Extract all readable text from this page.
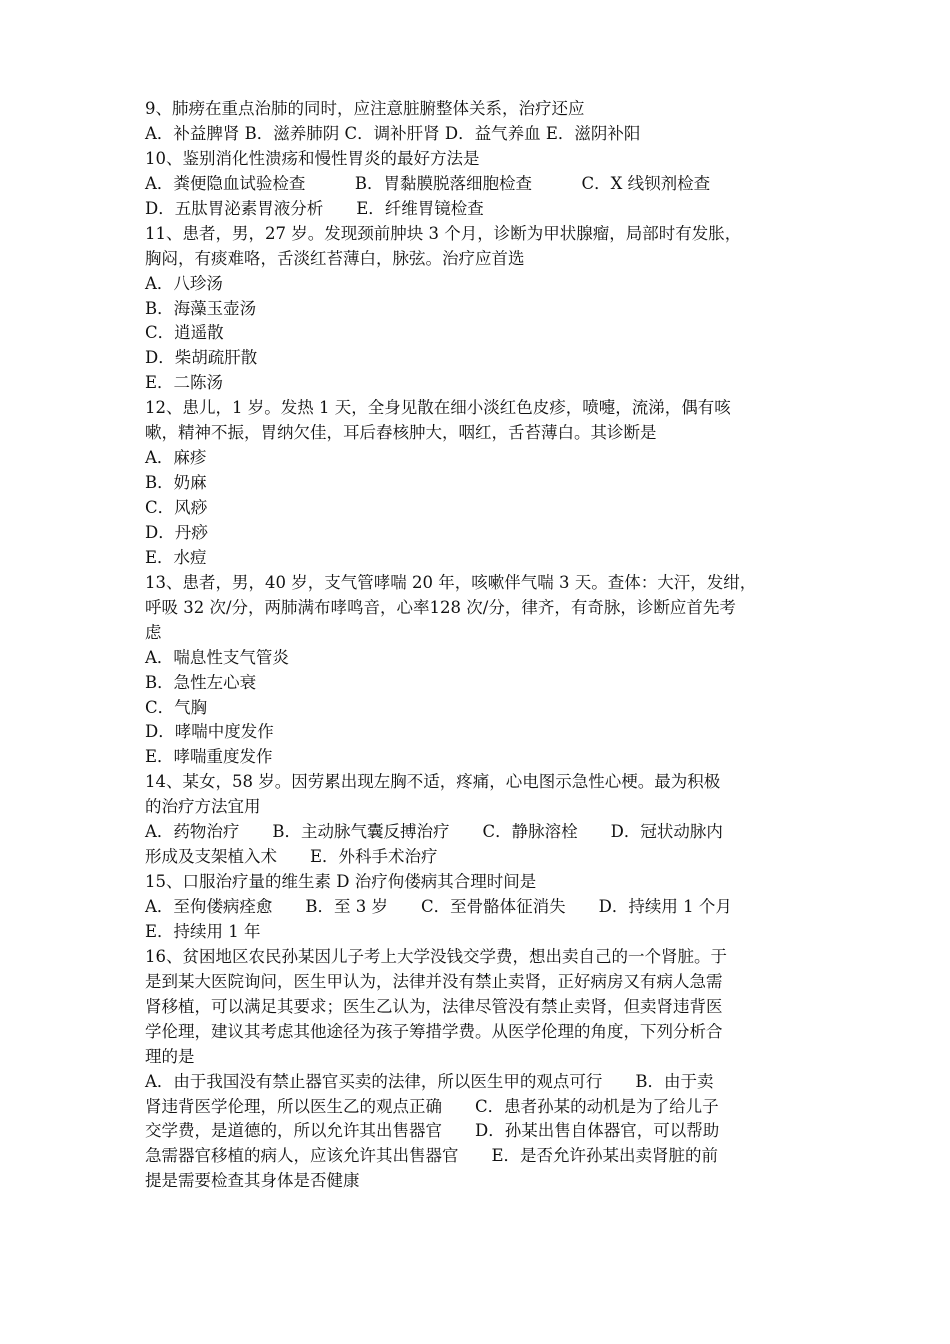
9、肺痨在重点治肺的同时，应注意脏腑整体关系，治疗还应
A．补益脾肾 B．滋养肺阴 C．调补肝肾 D．益气养血 E．滋阴补阳
10、鉴别消化性溃疡和慢性胃炎的最好方法是
A．粪便隐血试验检查　　　B．胃黏膜脱落细胞检查　　　C．X 线钡剂检查
D．五肽胃泌素胃液分析　　E．纤维胃镜检查
11、患者，男，27 岁。发现颈前肿块 3 个月，诊断为甲状腺瘤，局部时有发胀，
胸闷，有痰难咯，舌淡红苔薄白，脉弦。治疗应首选
A．八珍汤
B．海藻玉壶汤
C．逍遥散
D．柴胡疏肝散
E．二陈汤
12、患儿，1 岁。发热 1 天，全身见散在细小淡红色皮疹，喷嚏，流涕，偶有咳
嗽，精神不振，胃纳欠佳，耳后舂核肿大，咽红，舌苔薄白。其诊断是
A．麻疹
B．奶麻
C．风痧
D．丹痧
E．水痘
13、患者，男，40 岁，支气管哮喘 20 年，咳嗽伴气喘 3 天。查体：大汗，发绀，
呼吸 32 次/分，两肺满布哮鸣音，心率128 次/分，律齐，有奇脉，诊断应首先考
虑
A．喘息性支气管炎
B．急性左心衰
C．气胸
D．哮喘中度发作
E．哮喘重度发作
14、某女，58 岁。因劳累出现左胸不适，疼痛，心电图示急性心梗。最为积极
的治疗方法宜用
A．药物治疗　　B．主动脉气囊反搏治疗　　C．静脉溶栓　　D．冠状动脉内
形成及支架植入术　　E．外科手术治疗
15、口服治疗量的维生素 D 治疗佝偻病其合理时间是
A．至佝偻病痊愈　　B．至 3 岁　　C．至骨骼体征消失　　D．持续用 1 个月
E．持续用 1 年
16、贫困地区农民孙某因儿子考上大学没钱交学费，想出卖自己的一个肾脏。于
是到某大医院询问，医生甲认为，法律并没有禁止卖肾，正好病房又有病人急需
肾移植，可以满足其要求；医生乙认为，法律尽管没有禁止卖肾，但卖肾违背医
学伦理，建议其考虑其他途径为孩子筹措学费。从医学伦理的角度，下列分析合
理的是
A．由于我国没有禁止器官买卖的法律，所以医生甲的观点可行　　B．由于卖
肾违背医学伦理，所以医生乙的观点正确　　C．患者孙某的动机是为了给儿子
交学费，是道德的，所以允许其出售器官　　D．孙某出售自体器官，可以帮助
急需器官移植的病人，应该允许其出售器官　　E．是否允许孙某出卖肾脏的前
提是需要检查其身体是否健康
